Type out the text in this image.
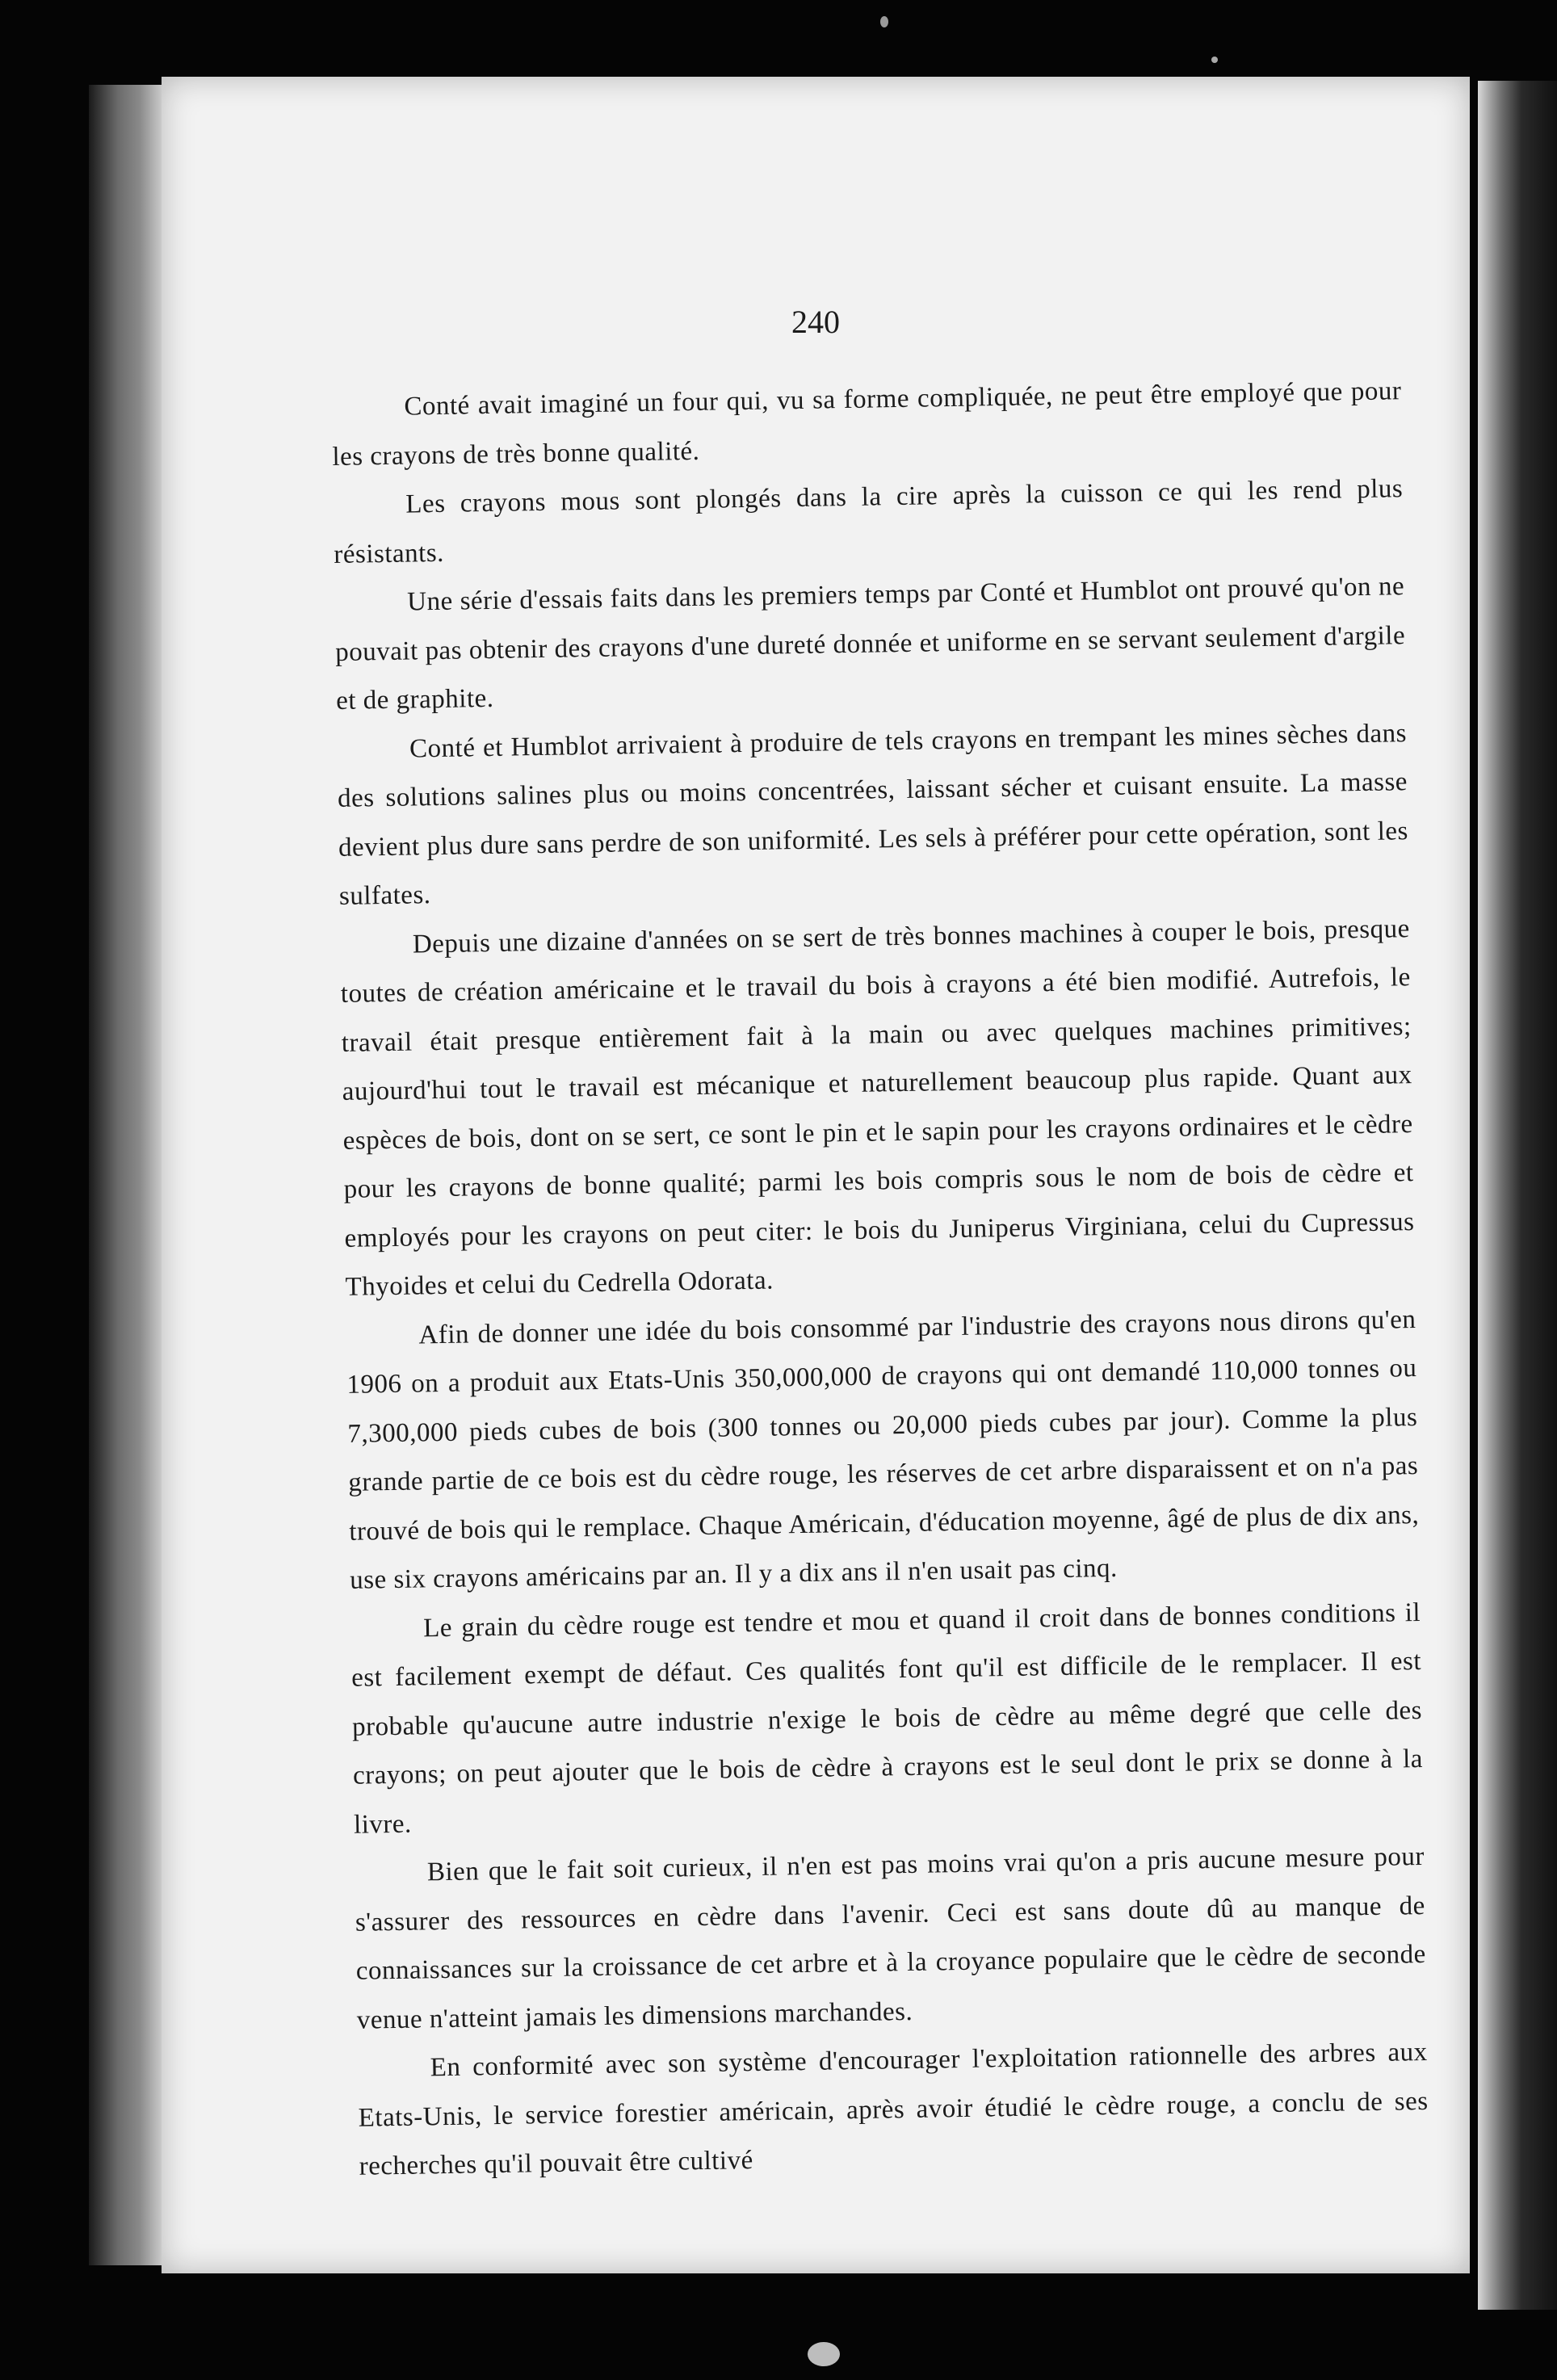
240

Conté avait imaginé un four qui, vu sa forme compliquée, ne peut être employé que pour les crayons de très bonne qualité.

Les crayons mous sont plongés dans la cire après la cuisson ce qui les rend plus résistants.

Une série d'essais faits dans les premiers temps par Conté et Humblot ont prouvé qu'on ne pouvait pas obtenir des crayons d'une dureté donnée et uniforme en se servant seulement d'argile et de graphite.

Conté et Humblot arrivaient à produire de tels crayons en trempant les mines sèches dans des solutions salines plus ou moins concentrées, laissant sécher et cuisant ensuite. La masse devient plus dure sans perdre de son uniformité. Les sels à préférer pour cette opération, sont les sulfates.

Depuis une dizaine d'années on se sert de très bonnes machines à couper le bois, presque toutes de création américaine et le travail du bois à crayons a été bien modifié. Autrefois, le travail était presque entièrement fait à la main ou avec quelques machines primitives; aujourd'hui tout le travail est mécanique et naturellement beaucoup plus rapide. Quant aux espèces de bois, dont on se sert, ce sont le pin et le sapin pour les crayons ordinaires et le cèdre pour les crayons de bonne qualité; parmi les bois compris sous le nom de bois de cèdre et employés pour les crayons on peut citer: le bois du Juniperus Virginiana, celui du Cupressus Thyoides et celui du Cedrella Odorata.

Afin de donner une idée du bois consommé par l'industrie des crayons nous dirons qu'en 1906 on a produit aux Etats-Unis 350,000,000 de crayons qui ont demandé 110,000 tonnes ou 7,300,000 pieds cubes de bois (300 tonnes ou 20,000 pieds cubes par jour). Comme la plus grande partie de ce bois est du cèdre rouge, les réserves de cet arbre disparaissent et on n'a pas trouvé de bois qui le remplace. Chaque Américain, d'éducation moyenne, âgé de plus de dix ans, use six crayons américains par an. Il y a dix ans il n'en usait pas cinq.

Le grain du cèdre rouge est tendre et mou et quand il croit dans de bonnes conditions il est facilement exempt de défaut. Ces qualités font qu'il est difficile de le remplacer. Il est probable qu'aucune autre industrie n'exige le bois de cèdre au même degré que celle des crayons; on peut ajouter que le bois de cèdre à crayons est le seul dont le prix se donne à la livre.

Bien que le fait soit curieux, il n'en est pas moins vrai qu'on a pris aucune mesure pour s'assurer des ressources en cèdre dans l'avenir. Ceci est sans doute dû au manque de connaissances sur la croissance de cet arbre et à la croyance populaire que le cèdre de seconde venue n'atteint jamais les dimensions marchandes.

En conformité avec son système d'encourager l'exploitation rationnelle des arbres aux Etats-Unis, le service forestier américain, après avoir étudié le cèdre rouge, a conclu de ses recherches qu'il pouvait être cultivé
